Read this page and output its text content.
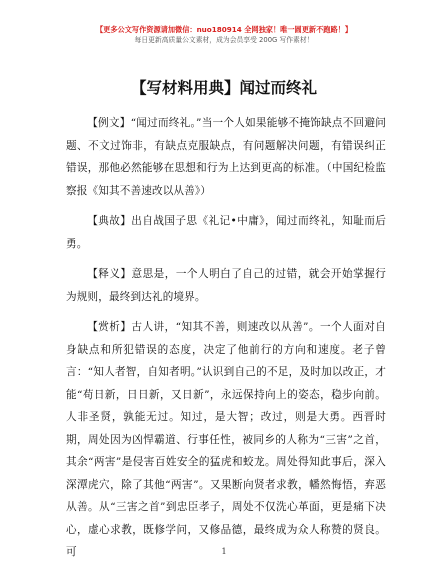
【更多公文写作资源请加微信：nuo180914 全网独家！唯一圆更新不跑路！】
每日更新高质量公文素材，成为会员享受 200G 写作素材！
【写材料用典】闻过而终礼

【例文】“闻过而终礼。”当一个人如果能够不掩饰缺点不回避问题、不文过饰非，有缺点克服缺点，有问题解决问题，有错误纠正错误，那他必然能够在思想和行为上达到更高的标准。（中国纪检监察报《知其不善速改以从善》）

【典故】出自战国子思《礼记•中庸》，闻过而终礼，知耻而后勇。

【释义】意思是，一个人明白了自己的过错，就会开始掌握行为规则，最终到达礼的境界。

【赏析】古人讲，“知其不善，则速改以从善”。一个人面对自身缺点和所犯错误的态度，决定了他前行的方向和速度。老子曾言：“知人者智，自知者明。”认识到自己的不足，及时加以改正，才能“苟日新，日日新，又日新”，永远保持向上的姿态，稳步向前。人非圣贤，孰能无过。知过，是大智；改过，则是大勇。西晋时期，周处因为凶悍霸道、行事任性，被同乡的人称为“三害”之首，其余“两害”是侵害百姓安全的猛虎和蛟龙。周处得知此事后，深入深潭虎穴，除了其他“两害”。又果断向贤者求教，幡然悔悟，弃恶从善。从“三害之首”到忠臣孝子，周处不仅洗心革面，更是痛下决心，虚心求教，既修学问，又修品德，最终成为众人称赞的贤良。可	1
